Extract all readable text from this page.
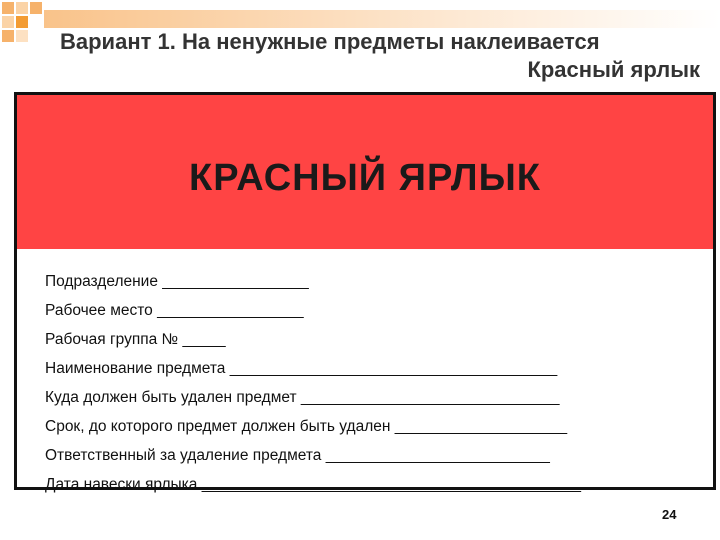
Вариант 1. На ненужные предметы наклеивается
Красный ярлык
КРАСНЫЙ ЯРЛЫК
Подразделение _________________
Рабочее место _________________
Рабочая группа № _____
Наименование предмета ______________________________________
Куда должен быть удален предмет ______________________________
Срок, до которого предмет должен быть удален ____________________
Ответственный за удаление предмета __________________________
Дата навески ярлыка ____________________________________________
24
